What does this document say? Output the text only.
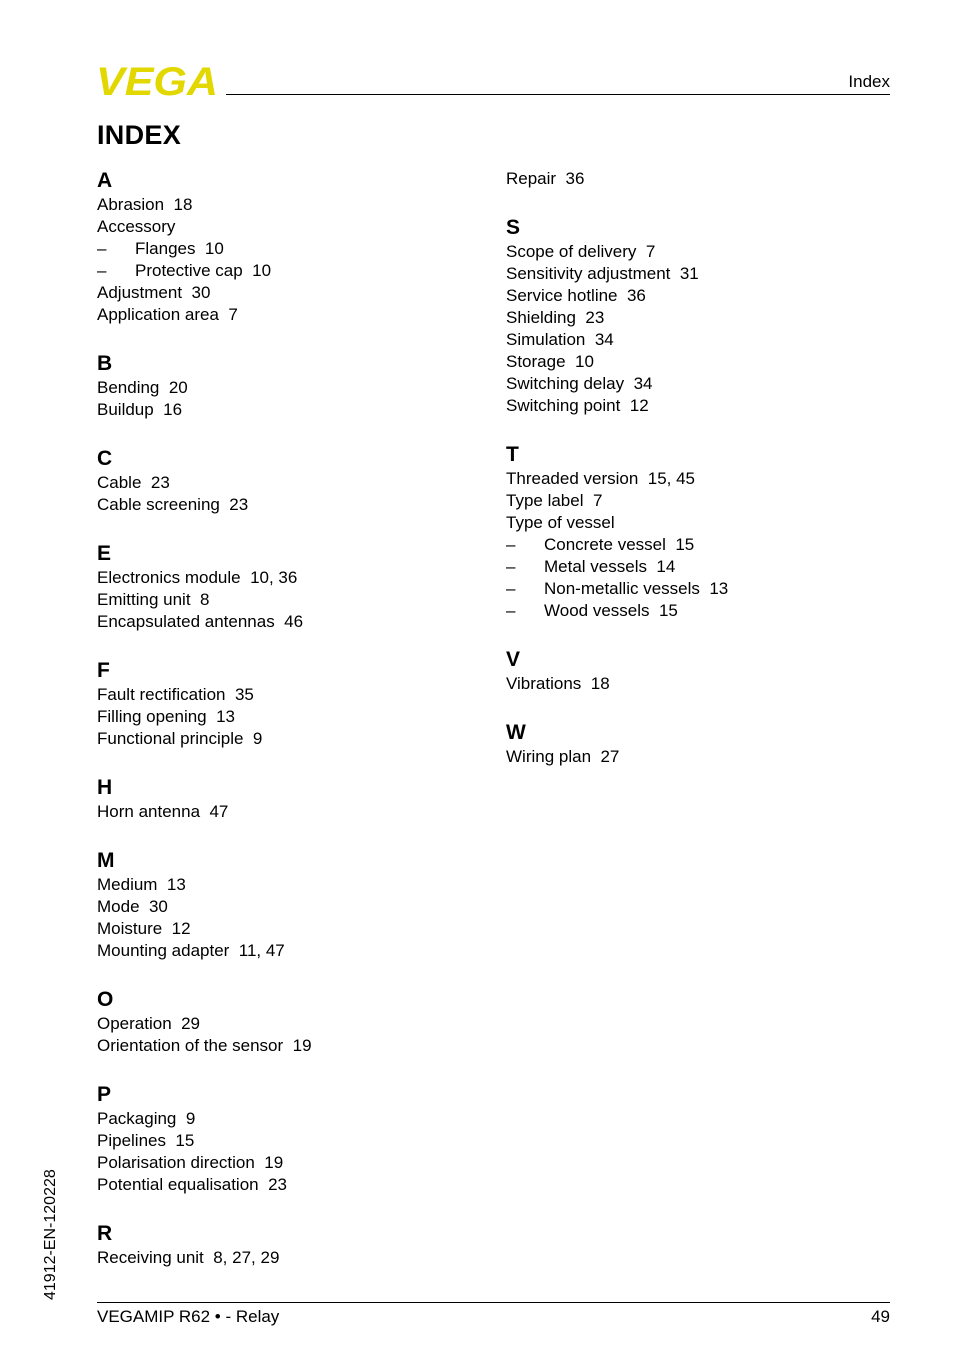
VEGA	Index
INDEX
A
Abrasion  18
Accessory
– Flanges  10
– Protective cap  10
Adjustment  30
Application area  7
B
Bending  20
Buildup  16
C
Cable  23
Cable screening  23
E
Electronics module  10, 36
Emitting unit  8
Encapsulated antennas  46
F
Fault rectification  35
Filling opening  13
Functional principle  9
H
Horn antenna  47
M
Medium  13
Mode  30
Moisture  12
Mounting adapter  11, 47
O
Operation  29
Orientation of the sensor  19
P
Packaging  9
Pipelines  15
Polarisation direction  19
Potential equalisation  23
R
Receiving unit  8, 27, 29
Repair  36
S
Scope of delivery  7
Sensitivity adjustment  31
Service hotline  36
Shielding  23
Simulation  34
Storage  10
Switching delay  34
Switching point  12
T
Threaded version  15, 45
Type label  7
Type of vessel
– Concrete vessel  15
– Metal vessels  14
– Non-metallic vessels  13
– Wood vessels  15
V
Vibrations  18
W
Wiring plan  27
41912-EN-120228
VEGAMIP R62 • - Relay	49
